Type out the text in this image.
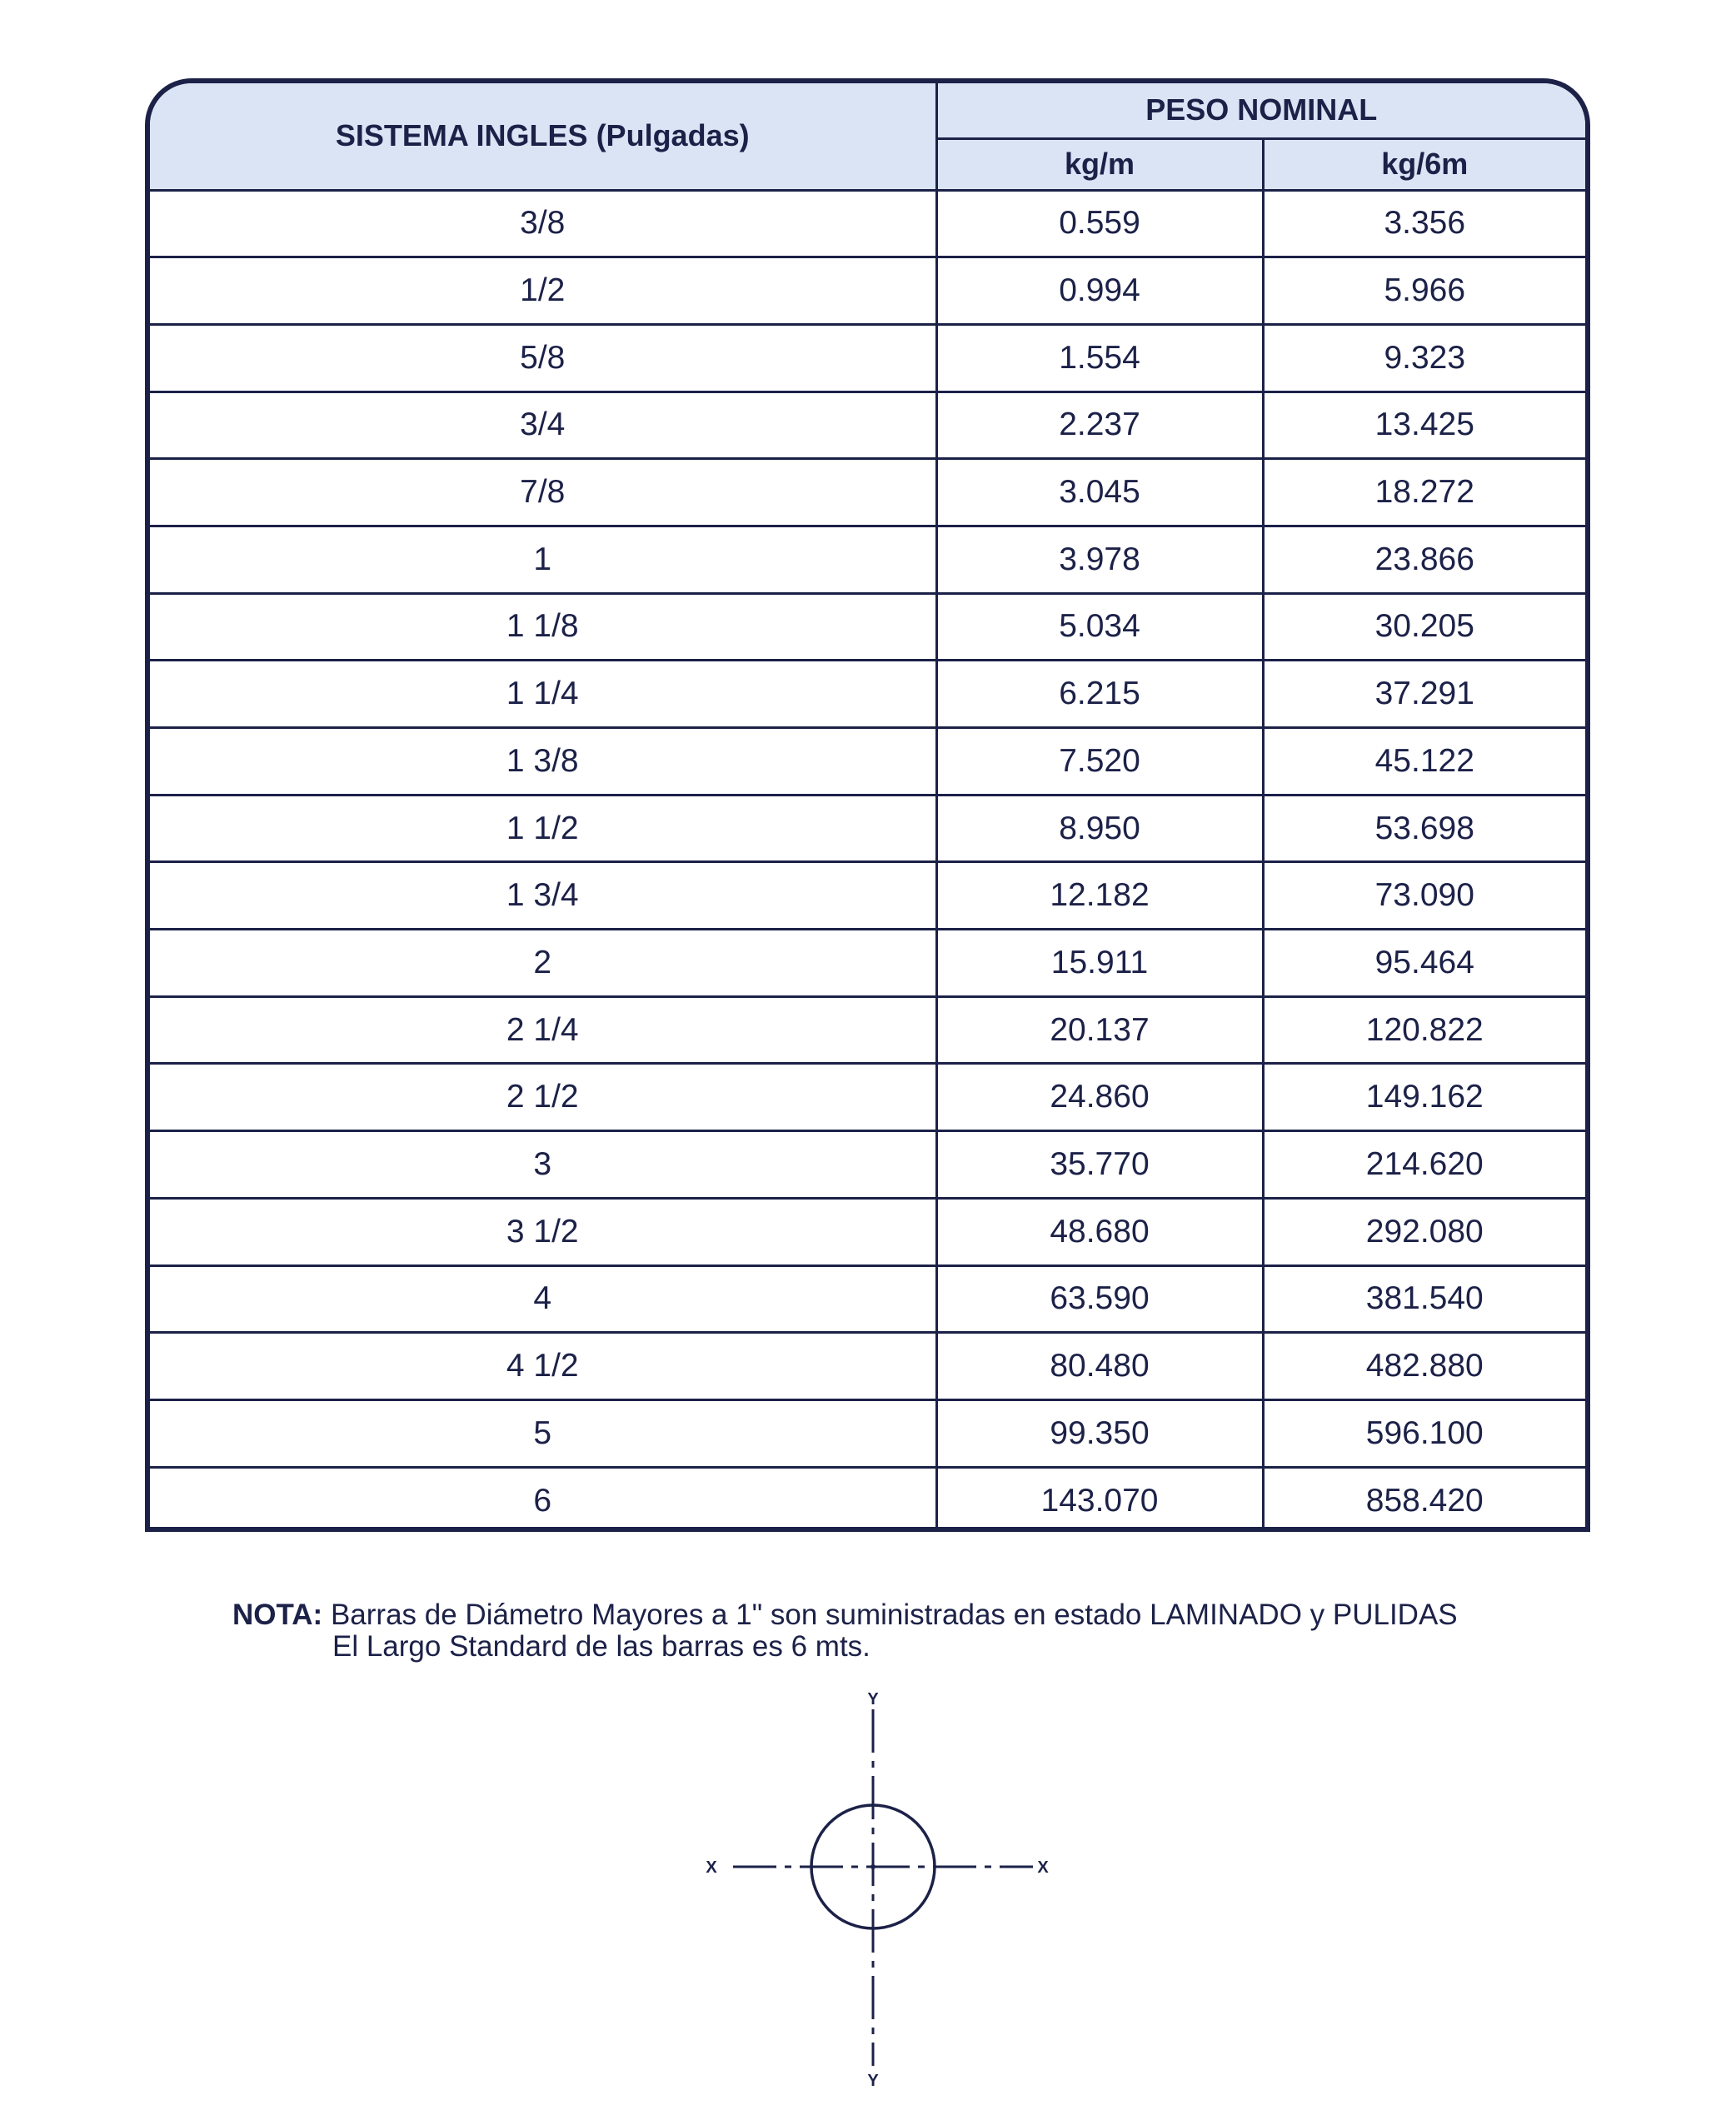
SISTEMA INGLES (Pulgadas)	PESO NOMINAL	
	kg/m	kg/6m
3/8	0.559	3.356
1/2	0.994	5.966
5/8	1.554	9.323
3/4	2.237	13.425
7/8	3.045	18.272
1	3.978	23.866
1 1/8	5.034	30.205
1 1/4	6.215	37.291
1 3/8	7.520	45.122
1 1/2	8.950	53.698
1 3/4	12.182	73.090
2	15.911	95.464
2 1/4	20.137	120.822
2 1/2	24.860	149.162
3	35.770	214.620
3 1/2	48.680	292.080
4	63.590	381.540
4 1/2	80.480	482.880
5	99.350	596.100
6	143.070	858.420
NOTA: Barras de Diámetro Mayores a 1" son suministradas en estado LAMINADO y PULIDAS
El Largo Standard de las barras es 6 mts.
Y
Y
X	X
